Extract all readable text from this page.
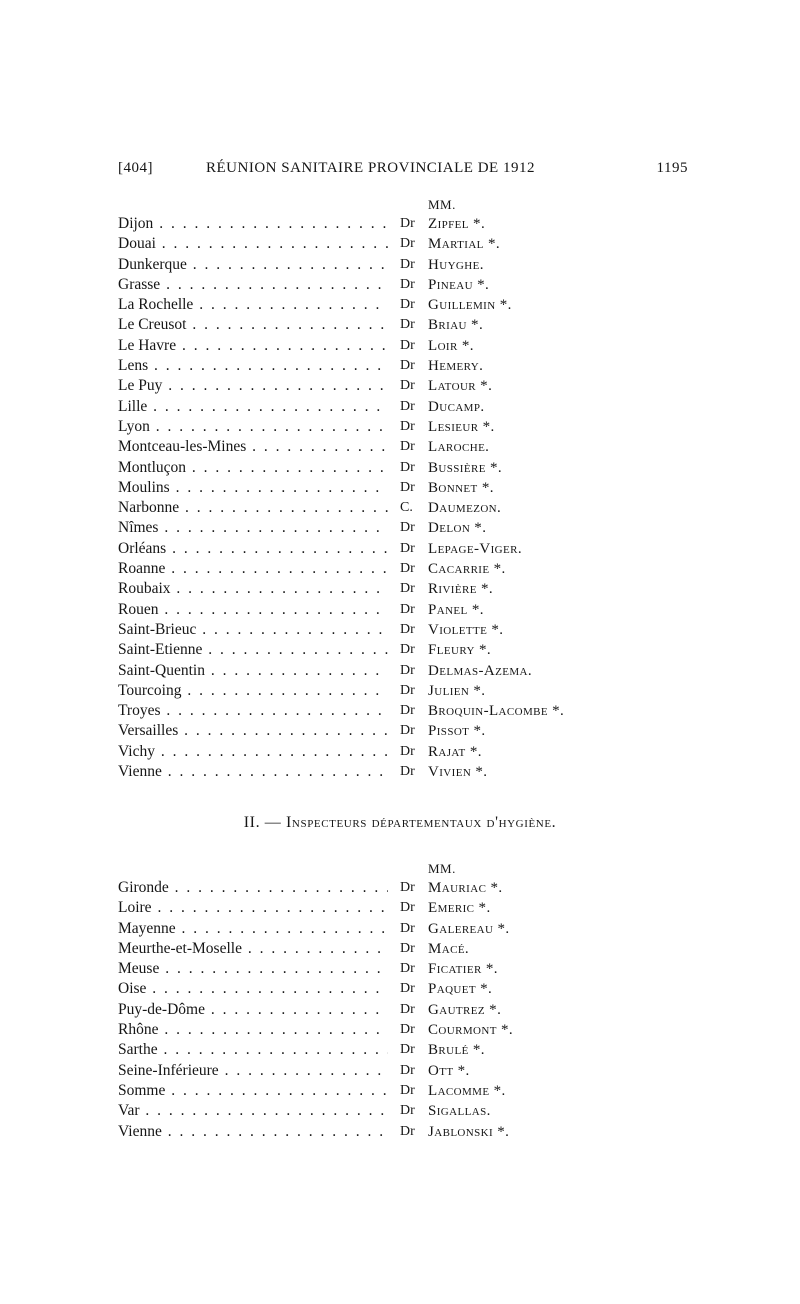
[404]	RÉUNION SANITAIRE PROVINCIALE DE 1912	1195
MM.
Dijon . . .	Dr Zipfel *.
Douai . . .	Dr Martial *.
Dunkerque . . .	Dr Huyghe.
Grasse . . .	Dr Pineau *.
La Rochelle . . .	Dr Guillemin *.
Le Creusot . . .	Dr Briau *.
Le Havre . . .	Dr Loir *.
Lens . . .	Dr Hemery.
Le Puy . . .	Dr Latour *.
Lille . . .	Dr Ducamp.
Lyon . . .	Dr Lesieur *.
Montceau-les-Mines . . .	Dr Laroche.
Montluçon . . .	Dr Bussière *.
Moulins . . .	Dr Bonnet *.
Narbonne . . .	C. Daumezon.
Nîmes . . .	Dr Delon *.
Orléans . . .	Dr Lepage-Viger.
Roanne . . .	Dr Cacarrie *.
Roubaix . . .	Dr Rivière *.
Rouen . . .	Dr Panel *.
Saint-Brieuc . . .	Dr Violette *.
Saint-Etienne . . .	Dr Fleury *.
Saint-Quentin . . .	Dr Delmas-Azema.
Tourcoing . . .	Dr Julien *.
Troyes . . .	Dr Broquin-Lacombe *.
Versailles . . .	Dr Pissot *.
Vichy . . .	Dr Rajat *.
Vienne . . .	Dr Vivien *.
II. — Inspecteurs départementaux d'hygiène.
MM.
Gironde . . .	Dr Mauriac *.
Loire . . .	Dr Emeric *.
Mayenne . . .	Dr Galereau *.
Meurthe-et-Moselle . . .	Dr Macé.
Meuse . . .	Dr Ficatier *.
Oise . . .	Dr Paquet *.
Puy-de-Dôme . . .	Dr Gautrez *.
Rhône . . .	Dr Courmont *.
Sarthe . . .	Dr Brulé *.
Seine-Inférieure . . .	Dr Ott *.
Somme . . .	Dr Lacomme *.
Var . . .	Dr Sigallas.
Vienne . . .	Dr Jablonski *.
